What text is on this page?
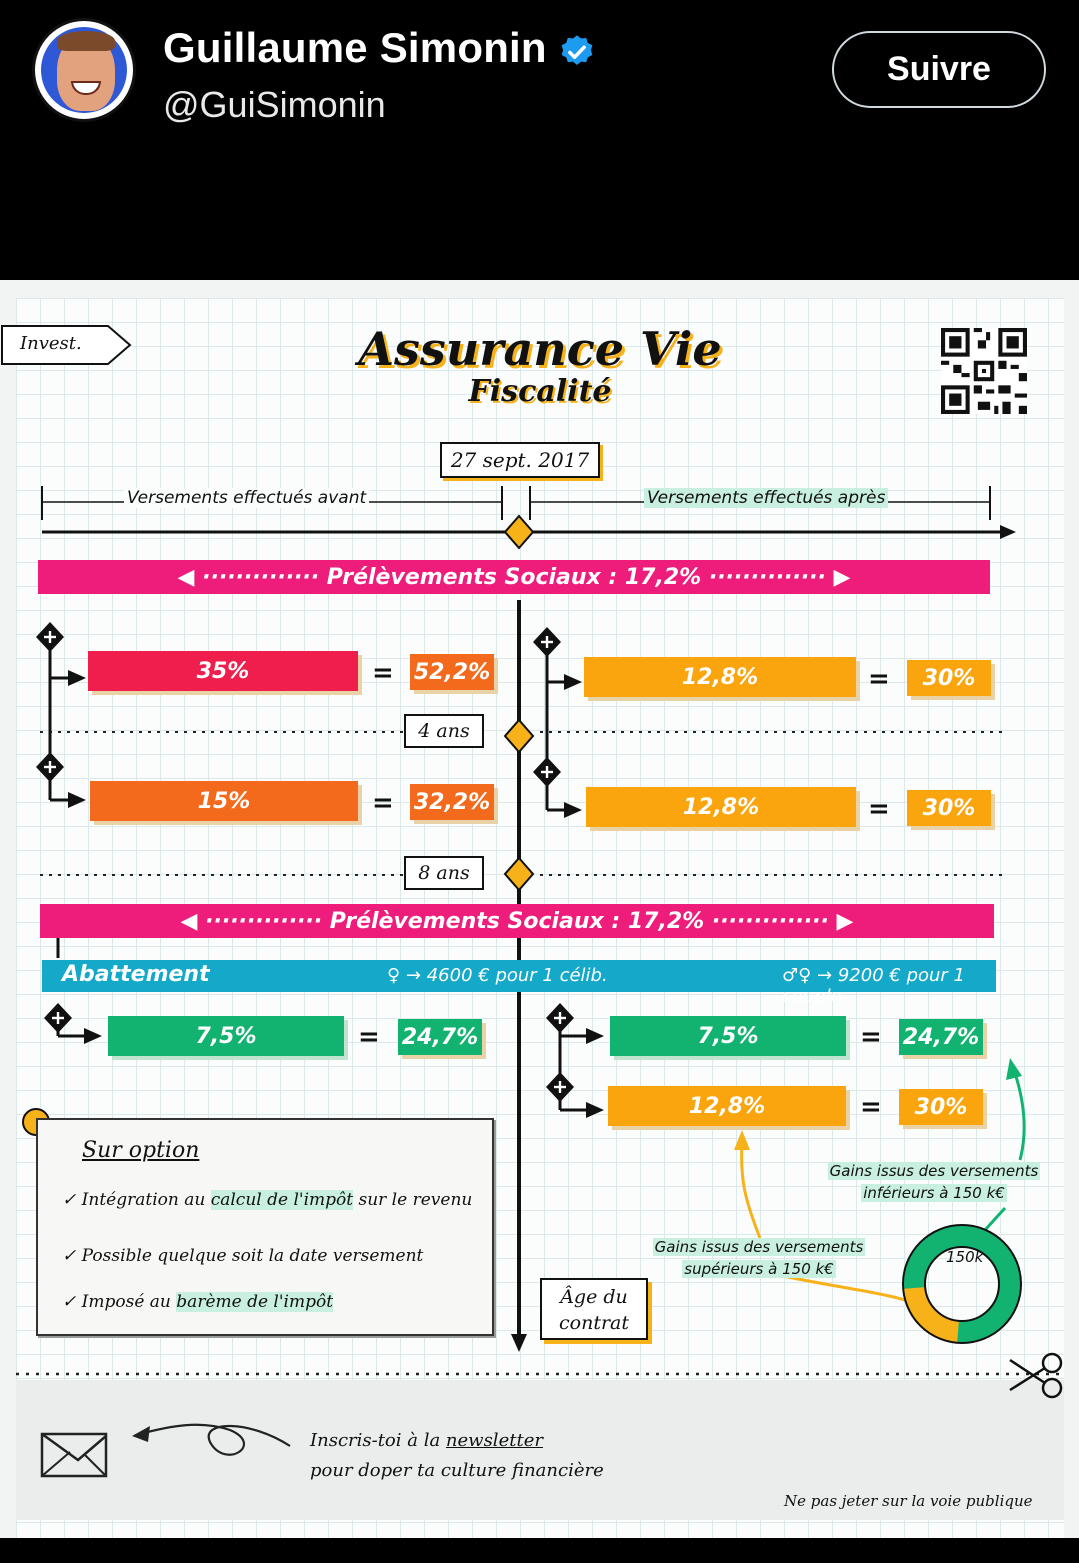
Guillaume Simonin
@GuiSimonin
Suivre
Invest.	Assurance Vie
Fiscalité
27 sept. 2017
Versements effectués avant	Versements effectués après
◀ ·············· Prélèvements Sociaux : 17,2% ·············· ▶
35%	= 52,2%	12,8%	=	30%
4 ans
15%	= 32,2%	12,8%	=	30%
8 ans
◀ ·············· Prélèvements Sociaux : 17,2% ·············· ▶
Abattement	♀ → 4600 € pour 1 célib.	♂♀ → 9200 € pour 1 couple
7,5%	= 24,7%	7,5%	= 24,7%
12,8%	=	30%
Sur option
✓ Intégration au calcul de l'impôt sur le revenu
✓ Possible quelque soit la date versement
✓ Imposé au barème de l'impôt	Âge du
contrat
Gains issus des versements
inférieurs à 150 k€
Gains issus des versements
supérieurs à 150 k€
150k
Inscris-toi à la newsletter
pour doper ta culture financière
Ne pas jeter sur la voie publique
